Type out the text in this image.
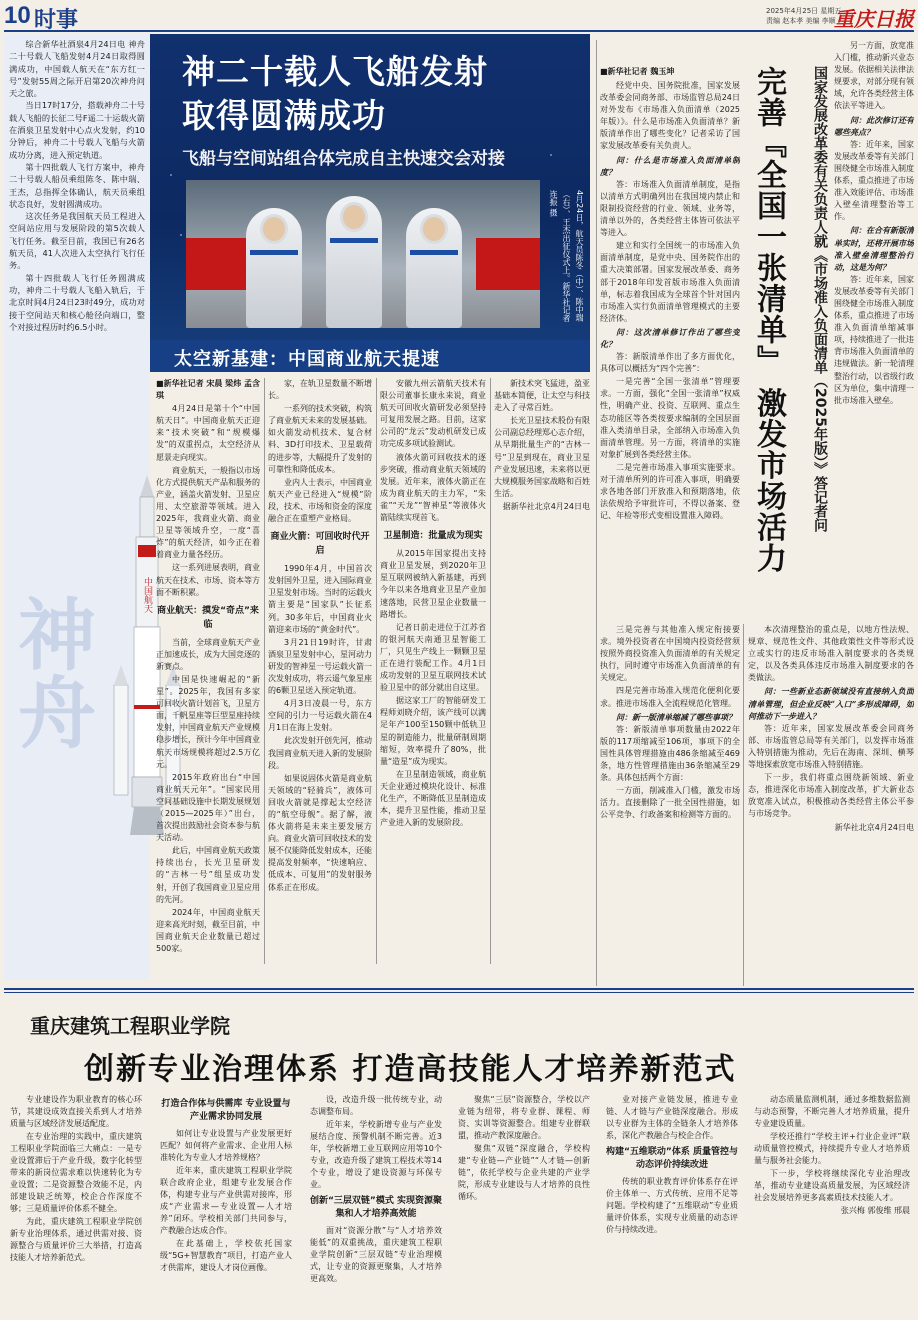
10 时事	2025年4月25日 星期五
责编 赵本孝 美编 李顺
重庆日报

综合新华社酒泉4月24日电 神舟二十号载人飞船发射4月24日取得圆满成功，中国载人航天在“东方红一号”发射55周之际开启第20次神舟问天之旅。

当日17时17分，搭载神舟二十号载人飞船的长征二号F遥二十运载火箭在酒泉卫星发射中心点火发射，约10分钟后，神舟二十号载人飞船与火箭成功分离，进入预定轨道。

第十四批载人飞行方案中，神舟二十号载人船员乘组陈冬、陈中瑞、王杰，总指挥全体确认，航天员乘组状态良好，发射圆满成功。

这次任务是我国航天员工程进入空间站应用与发展阶段的第5次载人飞行任务。截至目前，我国已有26名航天员，41人次进入太空执行飞行任务。

第十四批载人飞行任务圆满成功，神舟二十号载人飞船入轨后，于北京时间4月24日23时49分，成功对接于空间站天和核心舱径向端口，整个对接过程历时约6.5小时。

神舟	中国航天
神二十载人飞船发射
取得圆满成功
飞船与空间站组合体完成自主快速交会对接
4月24日，航天员陈冬（中）、陈中瑞（右）、王杰出征仪式上。新华社记者 连振 摄
太空新基建：中国商业航天提速

■新华社记者 宋晨 梁炜 孟含琪

4月24日是第十个“中国航天日”。中国商业航天正迎来“技术突破”和“规模爆发”的双重拐点，太空经济从愿景走向现实。

商业航天，一般指以市场化方式提供航天产品和服务的产业，涵盖火箭发射、卫星应用、太空旅游等领域。进入2025年，我商业火箭、商业卫星等领域升空，一度“喜炸”的航天经济，如今正在着着商业力量各经历。

这一系列进展表明，商业航天在技术、市场、资本等方面不断积累。

商业航天：摸发“奇点”来临

当前，全球商业航天产业正加速成长，成为大国竞逐的新赛点。

中国是快速崛起的“新星”。2025年，我国有多家可回收火箭计划首飞，卫星方面，千帆星座等巨型星座持续发射，中国商业航天产业规模稳步增长，预计今年中国商业航天市场规模将超过2.5万亿元。

2015年政府出台“中国商业航天元年”。“国家民用空间基础设施中长期发展规划（2015—2025年）”出台，首次提出鼓励社会资本参与航天活动。

此后，中国商业航天政策持续出台，长光卫星研发的“吉林一号”组星成功发射，开创了我国商业卫星应用的先河。

2024年，中国商业航天迎来高光时刻，截至目前，中国商业航天企业数量已超过500家。

家，在轨卫星数量不断增长。

一系列的技术突破，构筑了商业航天未来的发展基础。如火箭发动机技术、复合材料、3D打印技术、卫星载荷的进步等，大幅提升了发射的可靠性和降低成本。

业内人士表示，中国商业航天产业已经进入“规模”阶段，技术、市场和资金的深度融合正在重塑产业格局。

商业火箭：可回收时代开启

1990年4月，中国首次发射国外卫星，进入国际商业卫星发射市场。当时的运载火箭主要是“国家队”长征系列。30多年后，中国商业火箭迎来市场的“黄金时代”。

3月21日19时许，甘肃酒泉卫星发射中心，星河动力研发的智神星一号运载火箭一次发射成功，将云遥气象星座的6颗卫星送入预定轨道。

4月3日凌晨一号，东方空间的引力一号运载火箭在4月1日在海上发射。

此次发射开创先河，推动我国商业航天进入新的发展阶段。

如果说固体火箭是商业航天领域的“轻骑兵”，液体可回收火箭就是撑起太空经济的“航空母舰”。据了解，液体火箭将是未来主要发展方向。商业火箭可回收技术的发展不仅能降低发射成本，还能提高发射频率，“快速响应、低成本、可复用”的发射服务体系正在形成。

安徽九州云箭航天技术有限公司董事长康永来说，商业航天可回收火箭研发必须坚持可复用发展之路。目前，这家公司的“龙云”发动机研发已成功完成多项试验测试。

液体火箭可回收技术的逐步突破，推动商业航天领域的发展。近年来，液体火箭正在成为商业航天的主力军，“朱雀”“天龙”“智神星”等液体火箭陆续实现首飞。

卫星制造：批量成为现实

从2015年国家提出支持商业卫星发展，到2020年卫星互联网被纳入新基建，再到今年以来各地商业卫星产业加速落地，民营卫星企业数量一路增长。

记者日前走进位于江苏省的银河航天南通卫星智能工厂，只见生产线上一颗颗卫星正在进行装配工作。4月1日成功发射的卫星互联网技术试验卫星中的部分就出自这里。

据这家工厂的智能研发工程师刘晓介绍，该产线可以满足年产100至150颗中低轨卫星的制造能力，批量研制周期缩短，效率提升了80%，批量“造星”成为现实。

在卫星制造领域，商业航天企业通过模块化设计、标准化生产，不断降低卫星制造成本，提升卫星性能，推动卫星产业进入新的发展阶段。

新技术突飞猛进，盈亚基础本简便，让太空与科技走入了寻常百姓。

长光卫星技术股份有限公司副总经理郑心志介绍，从早期批量生产的“吉林一号”卫星到现在，商业卫星产业发展迅速，未来将以更大规模服务国家战略和百姓生活。

据新华社北京4月24日电

完善『全国一张清单』 激发市场活力	国家发展改革委有关负责人就《市场准入负面清单（2025年版）》答记者问
■新华社记者 魏玉坤

经党中央、国务院批准，国家发展改革委会同商务部、市场监管总局24日对外发布《市场准入负面清单（2025年版）》。什么是市场准入负面清单？新版清单作出了哪些变化？记者采访了国家发展改革委有关负责人。

问：什么是市场准入负面清单制度？

答：市场准入负面清单制度，是指以清单方式明确列出在我国境内禁止和限制投资经营的行业、领域、业务等，清单以外的，各类经营主体皆可依法平等进入。

建立和实行全国统一的市场准入负面清单制度，是党中央、国务院作出的重大决策部署。国家发展改革委、商务部于2018年印发首版市场准入负面清单，标志着我国成为全球首个针对国内市场准入实行负面清单管理模式的主要经济体。

问：这次清单修订作出了哪些变化？

答：新版清单作出了多方面优化，具体可以概括为“四个完善”：

一是完善“全国一张清单”管理要求。一方面，强化“全国一张清单”权威性，明确产业、投资、互联网、重点生态功能区等各类按要求编制的全国层面准入类清单目录，全部纳入市场准入负面清单管理。另一方面，将清单的实施对象扩展到各类经营主体。

二是完善市场准入事项实施要求。对于清单所列的许可准入事项，明确要求各地各部门开放准入和预期落地，依法依规给予审批许可，不得以备案、登记、年检等形式变相设置准入障碍。

三是完善与其他准入规定衔接要求。境外投资者在中国境内投资经营须按照外商投资准入负面清单的有关规定执行，同时遵守市场准入负面清单的有关规定。

四是完善市场准入规范化便利化要求。推进市场准入全流程规范化管理。

问：新一版清单缩减了哪些事项？

答：新版清单事项数量由2022年版的117项缩减至106项，事项下的全国性具体管理措施由486条缩减至469条，地方性管理措施由36条缩减至29条。具体包括两个方面：

一方面，削减准入门槛，激发市场活力。直接删除了一批全国性措施，如公平竞争、行政备案和检测等方面的。

另一方面，放宽准入门槛，推动新兴业态发展。依据相关法律法规要求，对部分现有领域，允许各类经营主体依法平等进入。

问：此次修订还有哪些亮点？

答：近年来，国家发展改革委等有关部门围绕健全市场准入制度体系，重点推进了市场准入效能评估、市场准入壁垒清理整治等工作。

问：在合有新版清单实时，还将开展市场准入壁垒清理整治行动，这是为何？

答：近年来，国家发展改革委等有关部门围绕健全市场准入制度体系，重点推进了市场准入负面清单缩减事项，持续推进了一批违背市场准入负面清单的违规做法。新一轮清理整治行动，以省级行政区为单位，集中清理一批市场准入壁垒。

本次清理整治的重点是，以地方性法规、规章、规范性文件、其他政策性文件等形式设立或实行的违反市场准入制度要求的各类规定，以及各类具体违反市场准入制度要求的各类做法。

问：一些新业态新领域没有直接纳入负面清单管理，但企业反映“入口”多形成障碍，如何推动下一步进入？

答：近年来，国家发展改革委会同商务部、市场监管总局等有关部门，以发挥市场准入特别措施为推动，先后在海南、深圳、横琴等地探索放宽市场准入特别措施。

下一步，我们将重点围绕新领域、新业态，推进深化市场准入制度改革，扩大新业态放宽准入试点，积极推动各类经营主体公平参与市场竞争。

新华社北京4月24日电

重庆建筑工程职业学院
创新专业治理体系 打造高技能人才培养新范式

专业建设作为职业教育的核心环节，其建设成效直接关系到人才培养质量与区域经济发展适配度。

在专业治理的实践中，重庆建筑工程职业学院面临三大痛点：一是专业设置滞后于产业升级，数字化转型带来的新岗位需求难以快速转化为专业设置；二是资源整合效能不足，内部建设缺乏统筹，校企合作深度不够；三是质量评价体系不健全。

为此，重庆建筑工程职业学院创新专业治理体系，通过供需对接、资源整合与质量评价三大举措，打造高技能人才培养新范式。

打造合作体与供需库 专业设置与产业需求协同发展

如何让专业设置与产业发展更好匹配？如何将产业需求、企业用人标准转化为专业人才培养规格？

近年来，重庆建筑工程职业学院联合政府企业，组建专业发展合作体，构建专业与产业供需对接库，形成“产业需求—专业设置—人才培养”闭环。学校相关部门共同参与，产教融合达成合作。

在此基础上，学校依托国家级“5G+智慧教育”项目，打造产业人才供需库，建设人才岗位画像。

设，改造升级一批传统专业，动态调整布局。

近年来，学校新增专业与产业发展结合度、预警机制不断完善。近3年，学校新增工业互联网应用等10个专业，改造升级了建筑工程技术等14个专业，增设了建设资源与环保专业。

创新“三层双链”模式 实现资源聚集和人才培养高效能

面对“资源分散”与“人才培养效能低”的双重挑战，重庆建筑工程职业学院创新“三层双链”专业治理模式，让专业的资源更聚集，人才培养更高效。

聚焦“三层”资源整合，学校以产业链为纽带，将专业群、课程、师资、实训等资源整合。组建专业群联盟，推动产教深度融合。

聚焦“双链”深度融合，学校构建“专业链—产业链”“人才链—创新链”，依托学校与企业共建的产业学院，形成专业建设与人才培养的良性循环。

业对接产业链发展，推进专业链、人才链与产业链深度融合。形成以专业群为主体的全链条人才培养体系，深化产教融合与校企合作。

构建“五维联动”体系 质量管控与动态评价持续改进

传统的职业教育评价体系存在评价主体单一、方式传统、应用不足等问题。学校构建了“五维联动”专业质量评价体系，实现专业质量的动态评价与持续改进。

动态质量监测机制，通过多维数据监测与动态预警，不断完善人才培养质量，提升专业建设质量。

学校还推行“学校主评+行业企业评”联动质量管控模式，持续提升专业人才培养质量与服务社会能力。

下一步，学校将继续深化专业治理改革，推动专业建设高质量发展，为区域经济社会发展培养更多高素质技术技能人才。

张兴梅 郭俊维 邢晨
